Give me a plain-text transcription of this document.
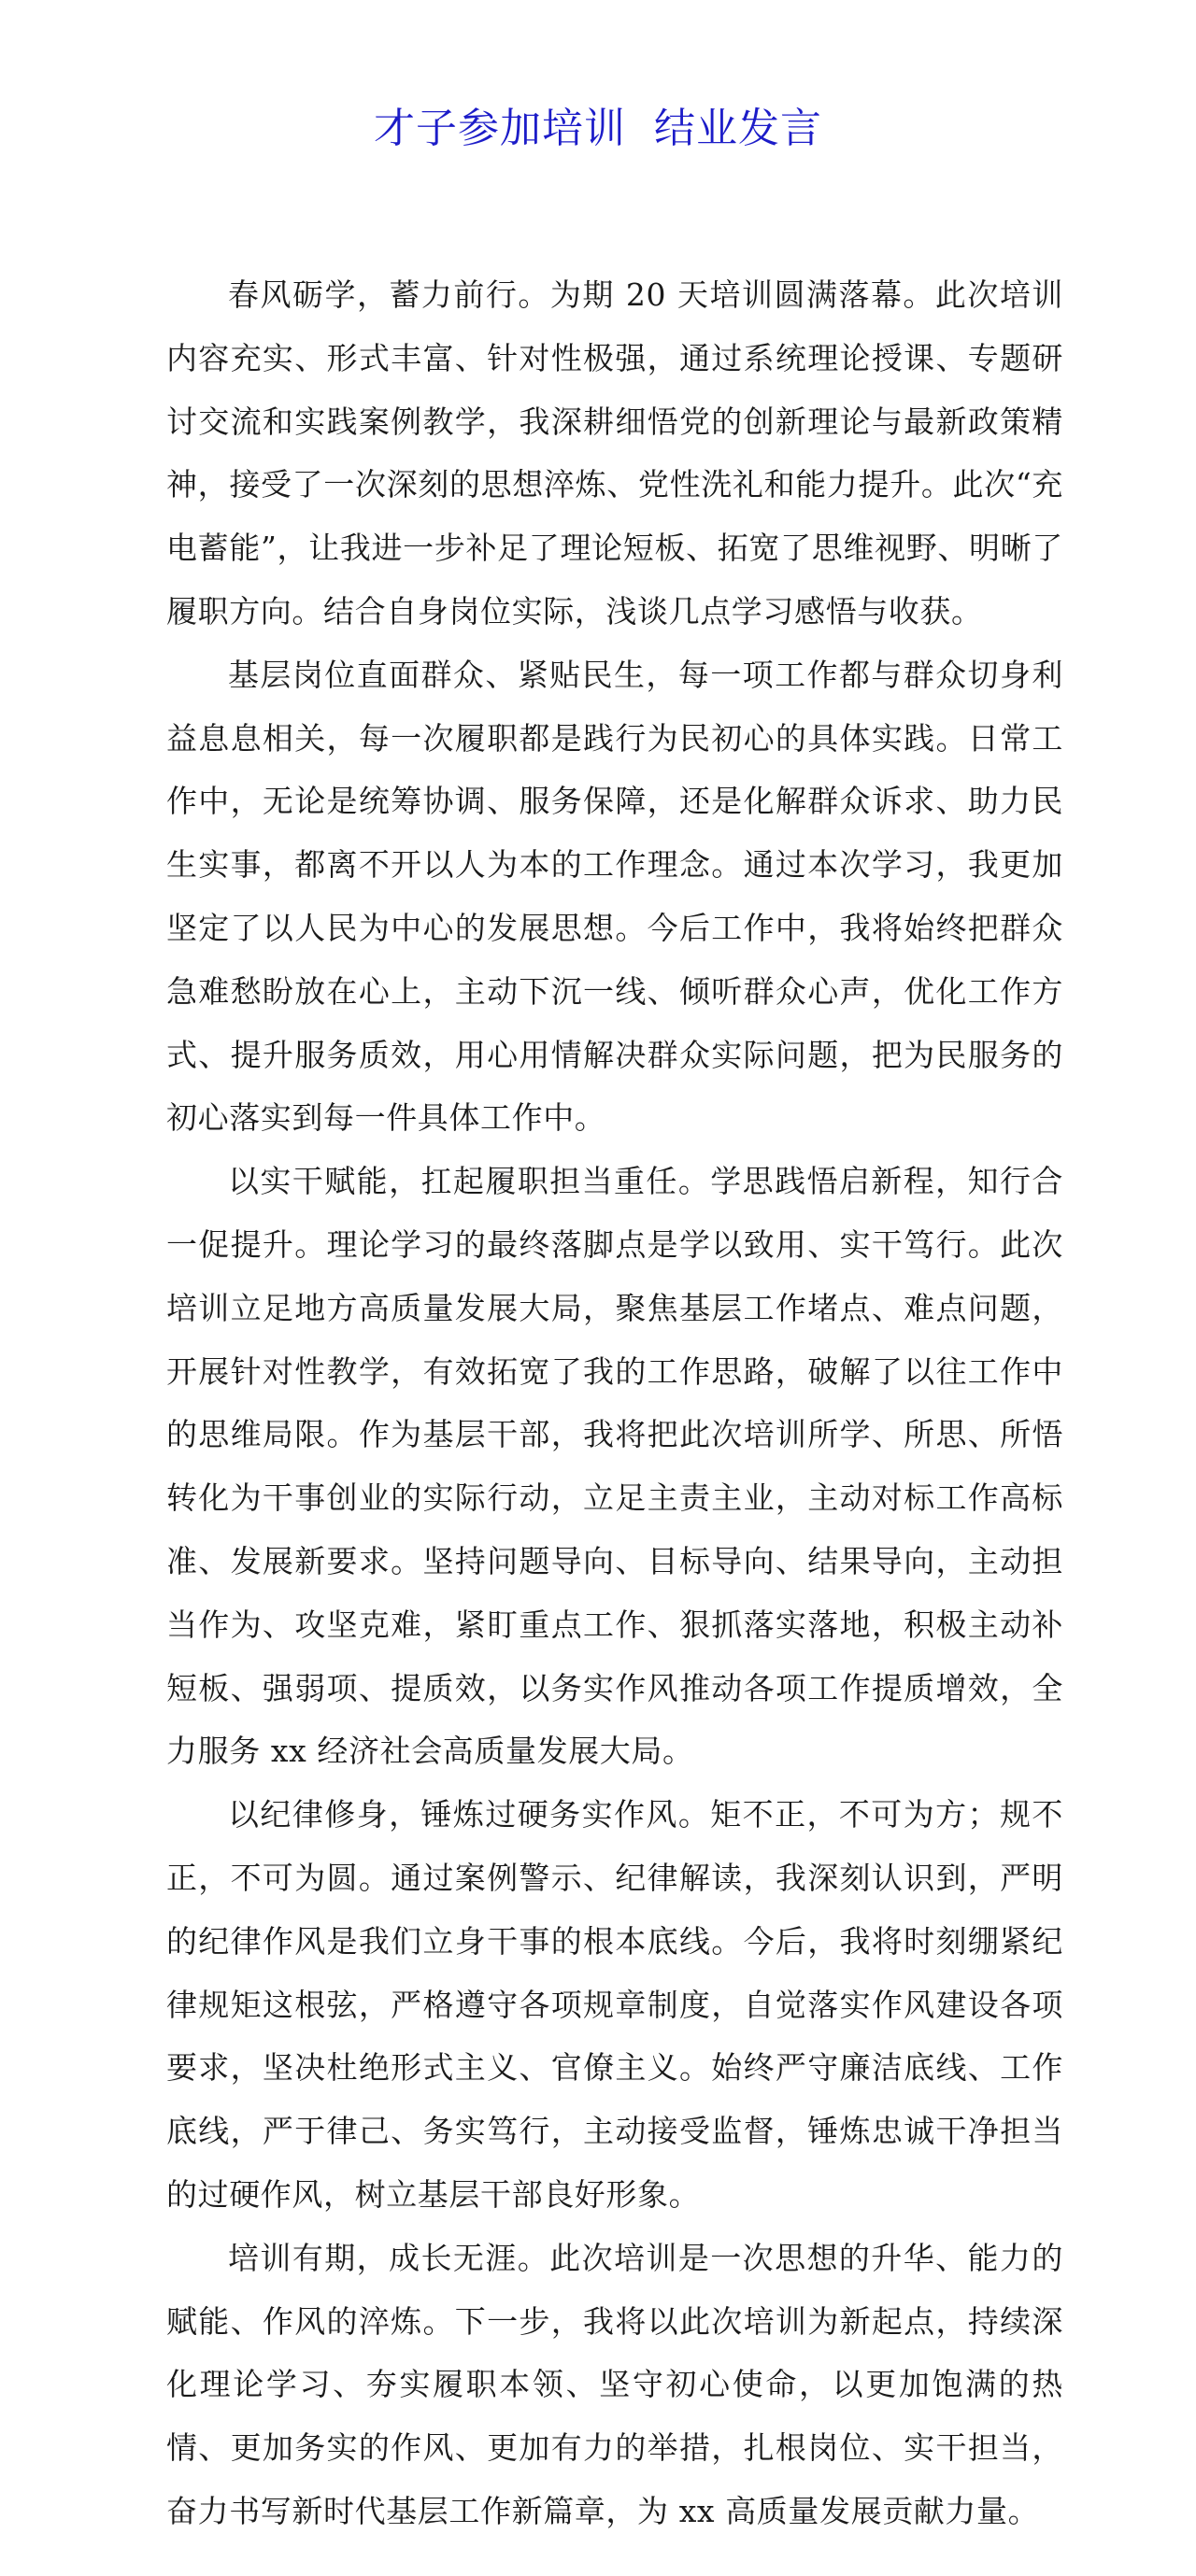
才子参加培训  结业发言

春风砺学，蓄力前行。为期 20 天培训圆满落幕。此次培训内容充实、形式丰富、针对性极强，通过系统理论授课、专题研讨交流和实践案例教学，我深耕细悟党的创新理论与最新政策精神，接受了一次深刻的思想淬炼、党性洗礼和能力提升。此次“充电蓄能”，让我进一步补足了理论短板、拓宽了思维视野、明晰了履职方向。结合自身岗位实际，浅谈几点学习感悟与收获。

基层岗位直面群众、紧贴民生，每一项工作都与群众切身利益息息相关，每一次履职都是践行为民初心的具体实践。日常工作中，无论是统筹协调、服务保障，还是化解群众诉求、助力民生实事，都离不开以人为本的工作理念。通过本次学习，我更加坚定了以人民为中心的发展思想。今后工作中，我将始终把群众急难愁盼放在心上，主动下沉一线、倾听群众心声，优化工作方式、提升服务质效，用心用情解决群众实际问题，把为民服务的初心落实到每一件具体工作中。

以实干赋能，扛起履职担当重任。学思践悟启新程，知行合一促提升。理论学习的最终落脚点是学以致用、实干笃行。此次培训立足地方高质量发展大局，聚焦基层工作堵点、难点问题，开展针对性教学，有效拓宽了我的工作思路，破解了以往工作中的思维局限。作为基层干部，我将把此次培训所学、所思、所悟转化为干事创业的实际行动，立足主责主业，主动对标工作高标准、发展新要求。坚持问题导向、目标导向、结果导向，主动担当作为、攻坚克难，紧盯重点工作、狠抓落实落地，积极主动补短板、强弱项、提质效，以务实作风推动各项工作提质增效，全力服务 xx 经济社会高质量发展大局。

以纪律修身，锤炼过硬务实作风。矩不正，不可为方；规不正，不可为圆。通过案例警示、纪律解读，我深刻认识到，严明的纪律作风是我们立身干事的根本底线。今后，我将时刻绷紧纪律规矩这根弦，严格遵守各项规章制度，自觉落实作风建设各项要求，坚决杜绝形式主义、官僚主义。始终严守廉洁底线、工作底线，严于律己、务实笃行，主动接受监督，锤炼忠诚干净担当的过硬作风，树立基层干部良好形象。

培训有期，成长无涯。此次培训是一次思想的升华、能力的赋能、作风的淬炼。下一步，我将以此次培训为新起点，持续深化理论学习、夯实履职本领、坚守初心使命，以更加饱满的热情、更加务实的作风、更加有力的举措，扎根岗位、实干担当，奋力书写新时代基层工作新篇章，为 xx 高质量发展贡献力量。
